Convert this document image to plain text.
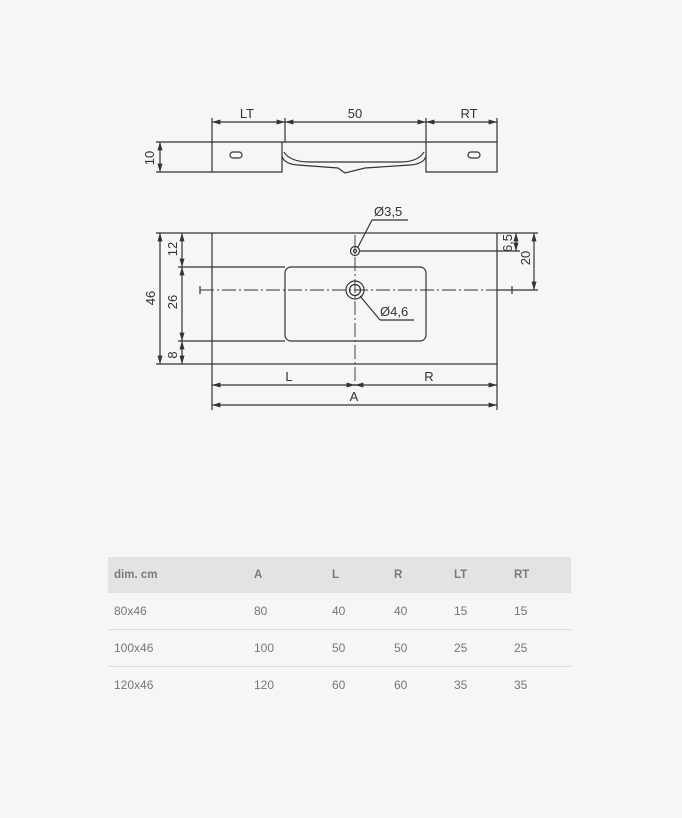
LT	50	RT
10
Ø3,5
Ø4,6
46
12
26
8
6,5
20
L	R
A
dim. cm	A	L	R	LT	RT
80x46	80	40	40	15	15
100x46	100	50	50	25	25
120x46	120	60	60	35	35
